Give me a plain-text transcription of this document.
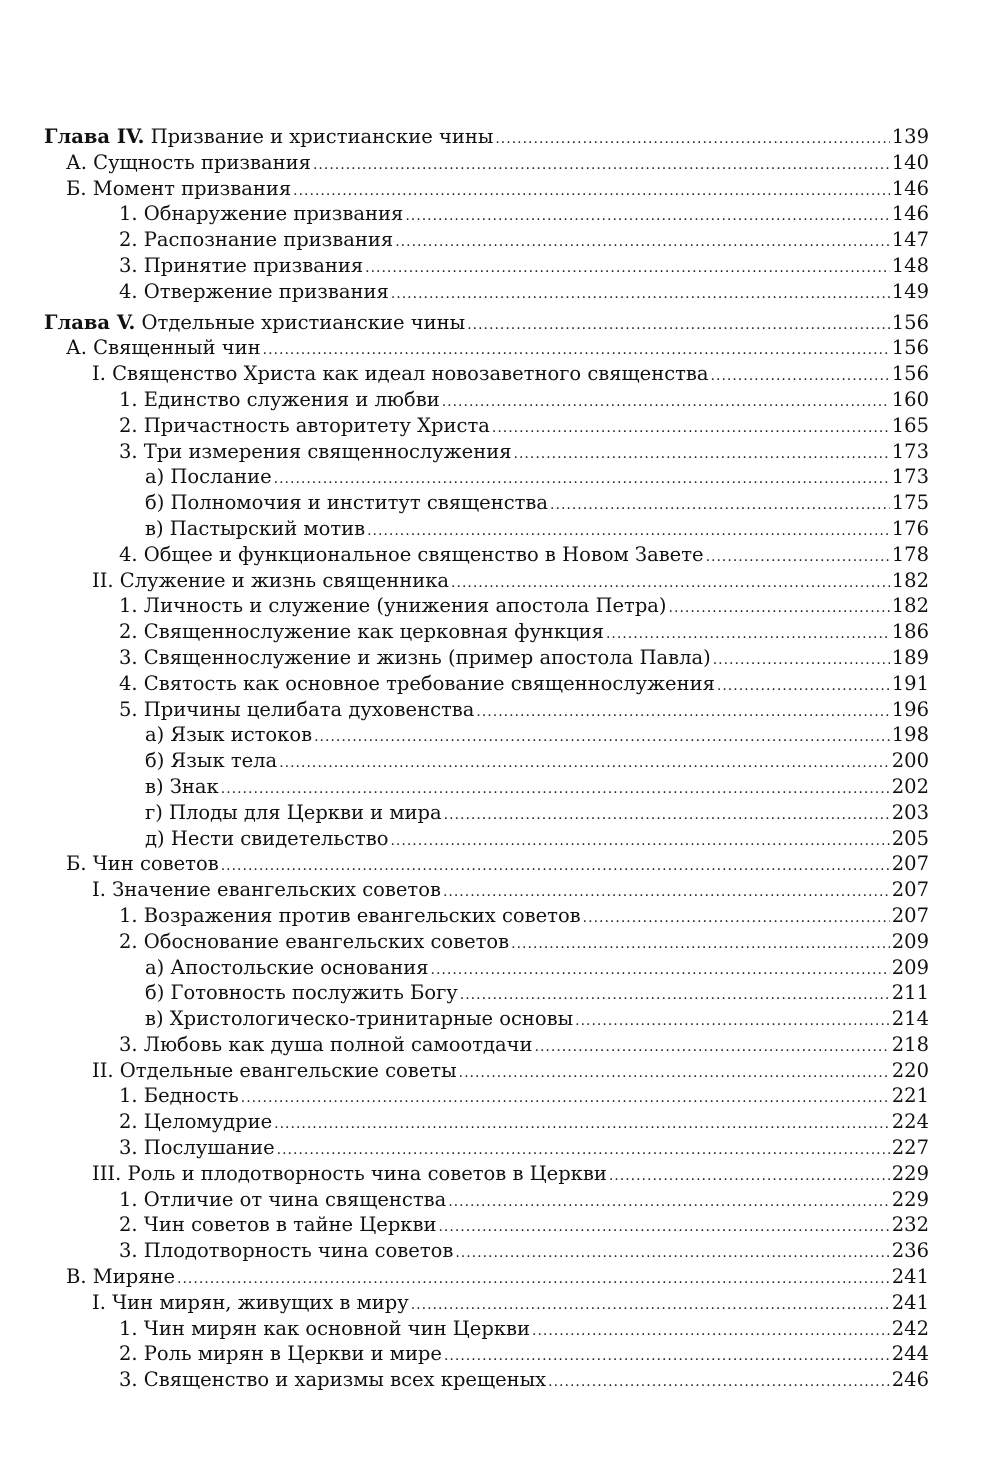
Глава IV. Призвание и христианские чины .....	139
А. Сущность призвания .....	140
Б. Момент призвания .....	146
1. Обнаружение призвания .....	146
2. Распознание призвания .....	147
3. Принятие призвания .....	148
4. Отвержение призвания .....	149
Глава V. Отдельные христианские чины .....	156
А. Священный чин .....	156
I. Священство Христа как идеал новозаветного священства .....	156
1. Единство служения и любви .....	160
2. Причастность авторитету Христа .....	165
3. Три измерения священнослужения .....	173
а) Послание .....	173
б) Полномочия и институт священства .....	175
в) Пастырский мотив .....	176
4. Общее и функциональное священство в Новом Завете .....	178
II. Служение и жизнь священника .....	182
1. Личность и служение (унижения апостола Петра) .....	182
2. Священнослужение как церковная функция .....	186
3. Священнослужение и жизнь (пример апостола Павла) .....	189
4. Святость как основное требование священнослужения .....	191
5. Причины целибата духовенства .....	196
а) Язык истоков .....	198
б) Язык тела .....	200
в) Знак .....	202
г) Плоды для Церкви и мира .....	203
д) Нести свидетельство .....	205
Б. Чин советов .....	207
I. Значение евангельских советов .....	207
1. Возражения против евангельских советов .....	207
2. Обоснование евангельских советов .....	209
а) Апостольские основания .....	209
б) Готовность послужить Богу .....	211
в) Христологическо-тринитарные основы .....	214
3. Любовь как душа полной самоотдачи .....	218
II. Отдельные евангельские советы .....	220
1. Бедность .....	221
2. Целомудрие .....	224
3. Послушание .....	227
III. Роль и плодотворность чина советов в Церкви .....	229
1. Отличие от чина священства .....	229
2. Чин советов в тайне Церкви .....	232
3. Плодотворность чина советов .....	236
В. Миряне .....	241
I. Чин мирян, живущих в миру .....	241
1. Чин мирян как основной чин Церкви .....	242
2. Роль мирян в Церкви и мире .....	244
3. Священство и харизмы всех крещеных .....	246
